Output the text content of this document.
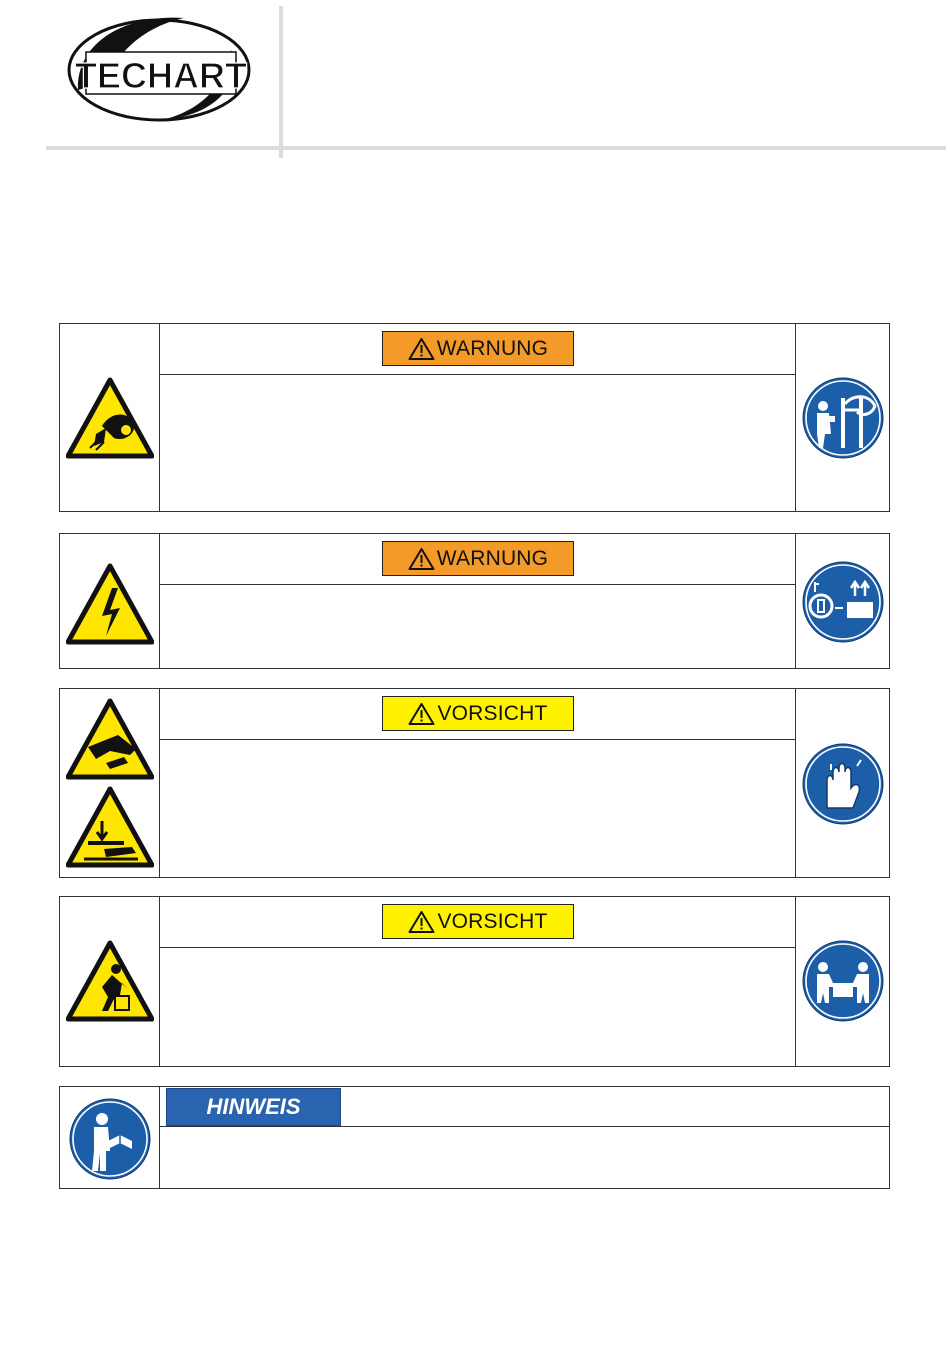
TECHART
WARNUNG
WARNUNG
VORSICHT
VORSICHT
HINWEIS
